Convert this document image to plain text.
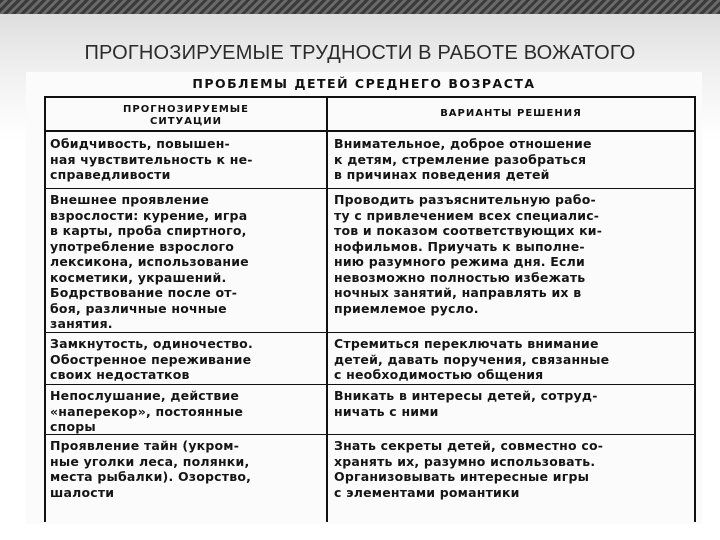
ПРОГНОЗИРУЕМЫЕ ТРУДНОСТИ В РАБОТЕ ВОЖАТОГО
ПРОБЛЕМЫ ДЕТЕЙ СРЕДНЕГО ВОЗРАСТА
ПРОГНОЗИРУЕМЫЕ
СИТУАЦИИ
ВАРИАНТЫ РЕШЕНИЯ
Обидчивость, повышен-
ная чувствительность к не-
справедливости
Внимательное, доброе отношение
к детям, стремление разобраться
в причинах поведения детей
Внешнее проявление
взрослости: курение, игра
в карты, проба спиртного,
употребление взрослого
лексикона, использование
косметики, украшений.
Бодрствование после от-
боя, различные ночные
занятия.
Проводить разъяснительную рабо-
ту с привлечением всех специалис-
тов и показом соответствующих ки-
нофильмов. Приучать к выполне-
нию разумного режима дня. Если
невозможно полностью избежать
ночных занятий, направлять их в
приемлемое русло.
Замкнутость, одиночество.
Обостренное переживание
своих недостатков
Стремиться переключать внимание
детей, давать поручения, связанные
с необходимостью общения
Непослушание, действие
«наперекор», постоянные
споры
Вникать в интересы детей, сотруд-
ничать с ними
Проявление тайн (укром-
ные уголки леса, полянки,
места рыбалки). Озорство,
шалости
Знать секреты детей, совместно со-
хранять их, разумно использовать.
Организовывать интересные игры
с элементами романтики
